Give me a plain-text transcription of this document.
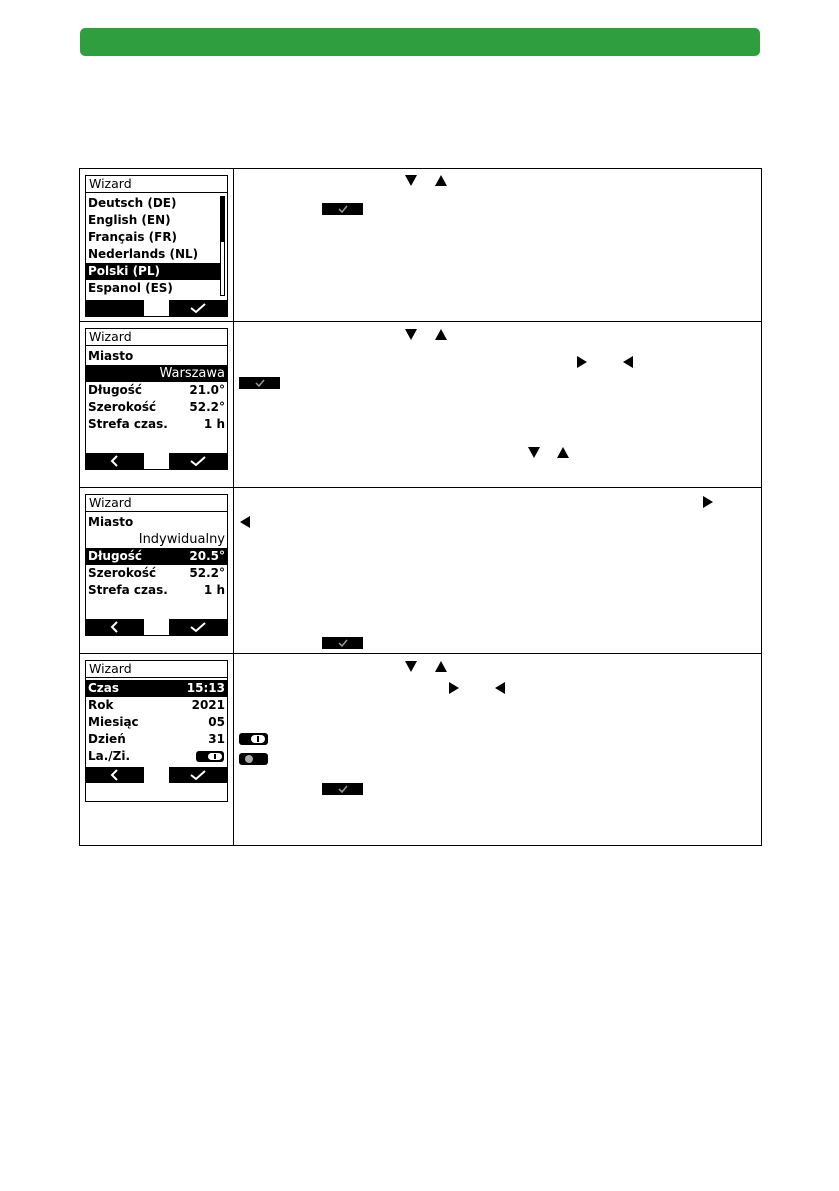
Wizard
Deutsch (DE)
English (EN)
Français (FR)
Nederlands (NL)
Polski (PL)
Espanol (ES)
Wizard
Miasto
Warszawa
Długość	21.0°
Szerokość	52.2°
Strefa czas.	1 h
Wizard
Miasto
Indywidualny
Długość	20.5°
Szerokość	52.2°
Strefa czas.	1 h
Wizard
Czas	15:13
Rok	2021
Miesiąc	05
Dzień	31
La./Zi.
